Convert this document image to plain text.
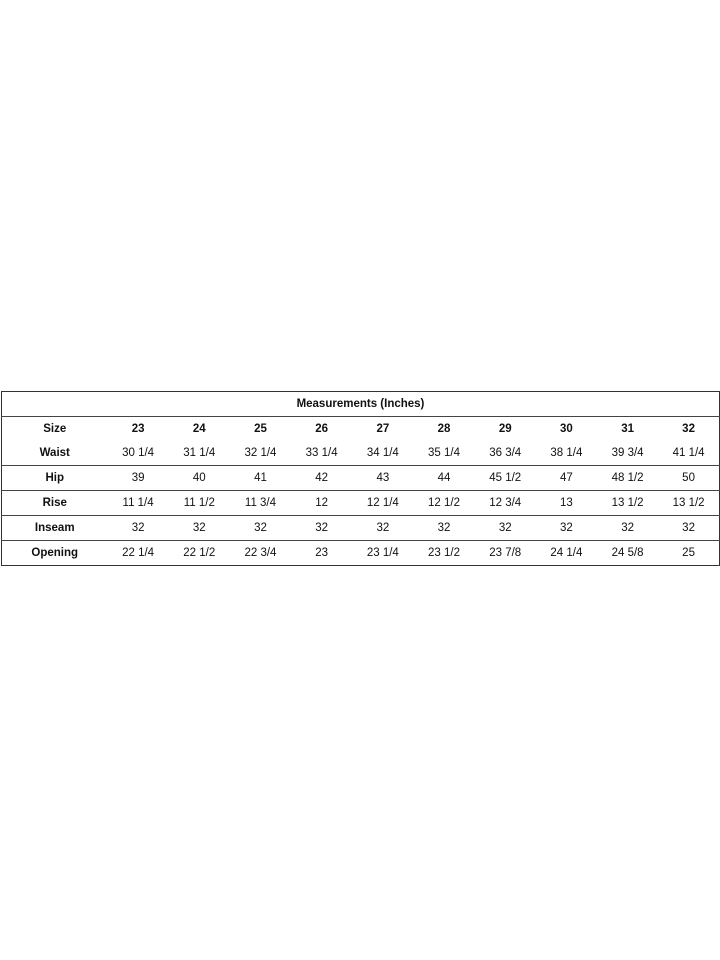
Measurements (Inches)										
Size	23	24	25	26	27	28	29	30	31	32
Waist	30 1/4	31 1/4	32 1/4	33 1/4	34 1/4	35 1/4	36 3/4	38 1/4	39 3/4	41 1/4
Hip	39	40	41	42	43	44	45 1/2	47	48 1/2	50
Rise	11 1/4	11 1/2	11 3/4	12	12 1/4	12 1/2	12 3/4	13	13 1/2	13 1/2
Inseam	32	32	32	32	32	32	32	32	32	32
Opening	22 1/4	22 1/2	22 3/4	23	23 1/4	23 1/2	23 7/8	24 1/4	24 5/8	25
